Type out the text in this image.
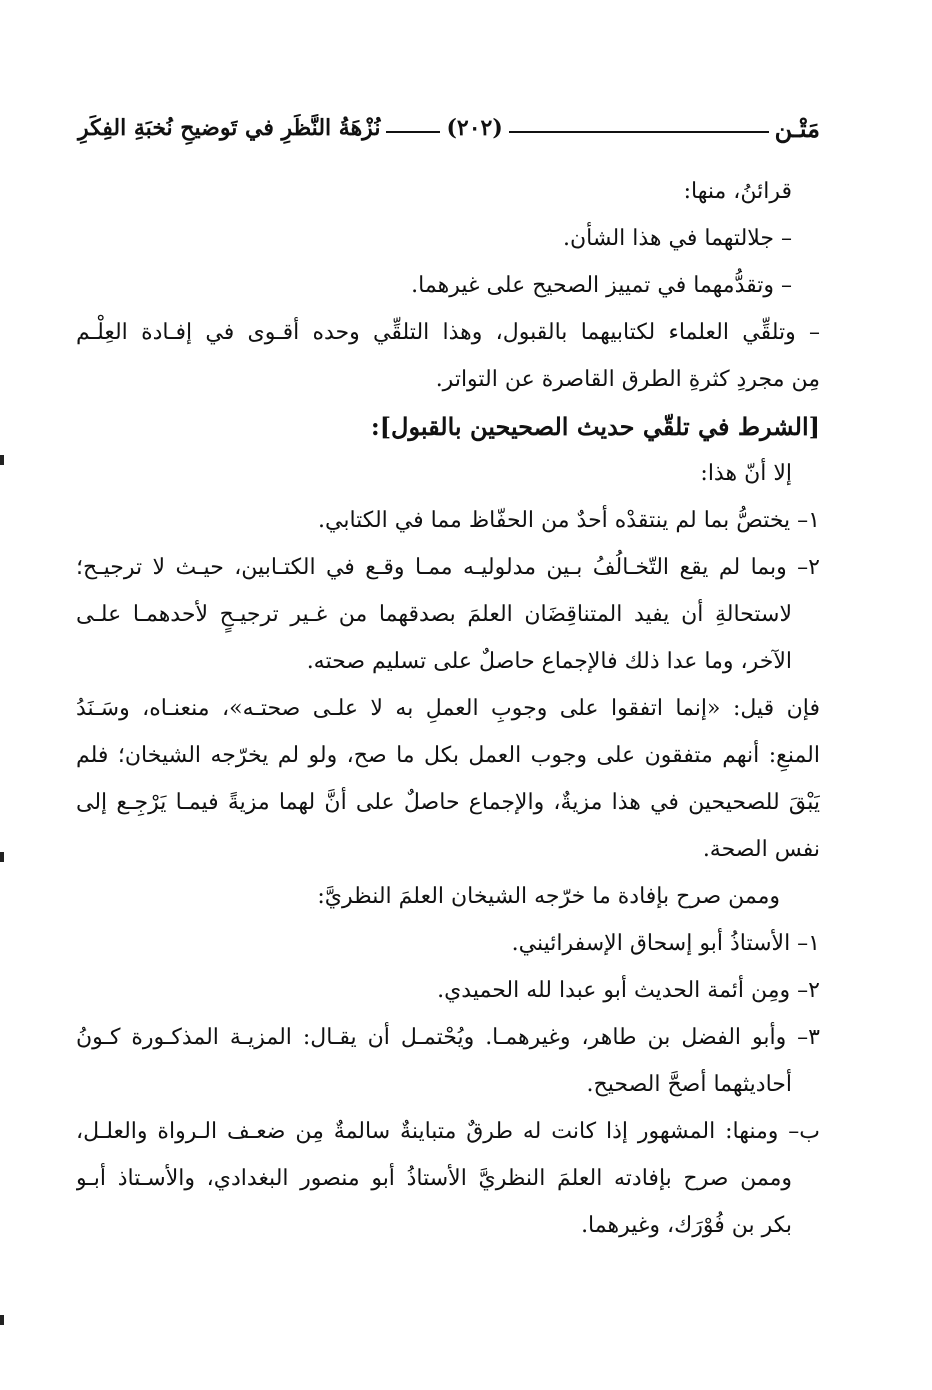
مَتْـن
(٢٠٢)
نُزْهَةُ النَّظَرِ في تَوضيحِ نُخبَةِ الفِكَرِ
قرائنُ، منها:
– جلالتهما في هذا الشأن.
– وتقدُّمهما في تمييز الصحيح على غيرهما.
– وتلقِّي العلماء لكتابيهما بالقبول، وهذا التلقِّي وحده أقـوى في إفـادة العِلْـم
مِن مجردِ كثرةِ الطرق القاصرة عن التواتر.
[الشرط في تلقّي حديث الصحيحين بالقبول]:
إلا أنّ هذا:
١– يختصُّ بما لم ينتقدْه أحدٌ من الحفّاظ مما في الكتابي.
٢– وبما لم يقع التّخـالُفُ بـين مدلوليـه ممـا وقـع في الكتـابين، حيـث لا ترجيـح؛
لاستحالةِ أن يفيد المتناقِضَان العلمَ بصدقهما من غـير ترجيـحٍ لأحدهمـا علـى
الآخر، وما عدا ذلك فالإجماع حاصلٌ على تسليم صحته.
فإن قيل: «إنما اتفقوا على وجوبِ العملِ به لا علـى صحتـه»، منعنـاه، وسَـنَدُ
المنعِ: أنهم متفقون على وجوب العمل بكل ما صح، ولو لم يخرّجه الشيخان؛ فلم
يَبْقَ للصحيحين في هذا مزيةٌ، والإجماع حاصلٌ على أنَّ لهما مزيةً فيمـا يَرْجِـع إلى
نفس الصحة.
وممن صرح بإفادة ما خرّجه الشيخان العلمَ النظريَّ:
١– الأستاذُ أبو إسحاق الإسفرائيني.
٢– ومِن أئمة الحديث أبو عبدا لله الحميدي.
٣– وأبو الفضل بن طاهر، وغيرهمـا. ويُحْتمـل أن يقـال: المزيـة المذكـورة كـونُ
أحاديثهما أصحَّ الصحيح.
ب– ومنها: المشهور إذا كانت له طرقٌ متباينةٌ سالمةٌ مِن ضعـف الـرواة والعلـل،
وممن صرح بإفادته العلمَ النظريَّ الأستاذُ أبو منصور البغدادي، والأسـتاذ أبـو
بكر بن فُوْرَك، وغيرهما.
